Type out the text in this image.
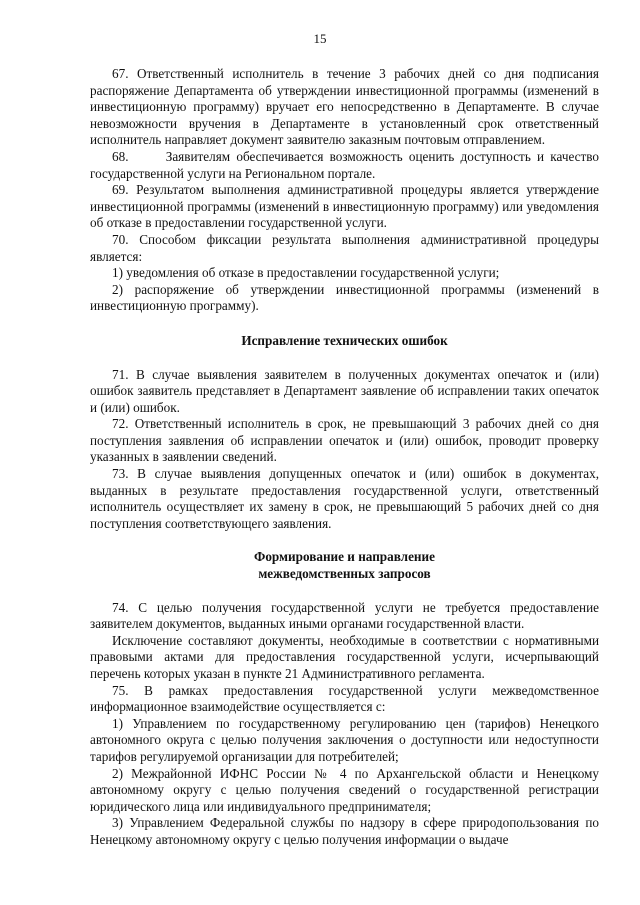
15

67. Ответственный исполнитель в течение 3 рабочих дней со дня подписания распоряжение Департамента об утверждении инвестиционной программы (изменений в инвестиционную программу) вручает его непосредственно в Департаменте. В случае невозможности вручения в Департаменте в установленный срок ответственный исполнитель направляет документ заявителю заказным почтовым отправлением.

68.      Заявителям обеспечивается возможность оценить доступность и качество государственной услуги на Региональном портале.

69. Результатом выполнения административной процедуры является утверждение инвестиционной программы (изменений в инвестиционную программу) или уведомления об отказе в предоставлении государственной услуги.

70. Способом фиксации результата выполнения административной процедуры является:

1) уведомления об отказе в предоставлении государственной услуги;

2) распоряжение об утверждении инвестиционной программы (изменений в инвестиционную программу).

Исправление технических ошибок

71. В случае выявления заявителем в полученных документах опечаток и (или) ошибок заявитель представляет в Департамент заявление об исправлении таких опечаток и (или) ошибок.

72. Ответственный исполнитель в срок, не превышающий 3 рабочих дней со дня поступления заявления об исправлении опечаток и (или) ошибок, проводит проверку указанных в заявлении сведений.

73. В случае выявления допущенных опечаток и (или) ошибок в документах, выданных в результате предоставления государственной услуги, ответственный исполнитель осуществляет их замену в срок, не превышающий 5 рабочих дней со дня поступления соответствующего заявления.

Формирование и направление
межведомственных запросов

74. С целью получения государственной услуги не требуется предоставление заявителем документов, выданных иными органами государственной власти.

Исключение составляют документы, необходимые в соответствии с нормативными правовыми актами для предоставления государственной услуги, исчерпывающий перечень которых указан в пункте 21 Административного регламента.

75. В рамках предоставления государственной услуги межведомственное информационное взаимодействие осуществляется с:

1) Управлением по государственному регулированию цен (тарифов) Ненецкого автономного округа с целью получения заключения о доступности или недоступности тарифов регулируемой организации для потребителей;

2) Межрайонной ИФНС России № 4 по Архангельской области и Ненецкому автономному округу с целью получения сведений о государственной регистрации юридического лица или индивидуального предпринимателя;

3) Управлением Федеральной службы по надзору в сфере природопользования по Ненецкому автономному округу с целью получения информации о выдаче
